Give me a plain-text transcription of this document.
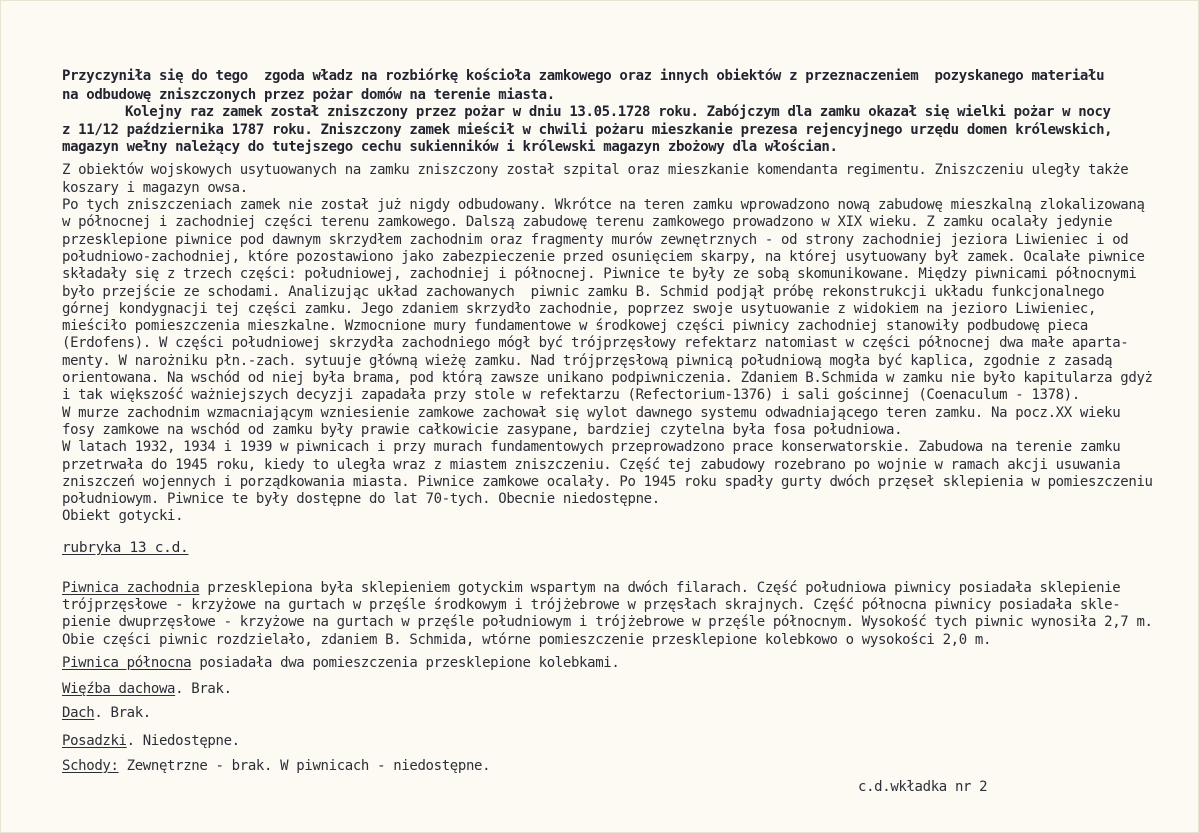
Przyczyniła się do tego  zgoda władz na rozbiórkę kościoła zamkowego oraz innych obiektów z przeznaczeniem  pozyskanego materiału
na odbudowę zniszczonych przez pożar domów na terenie miasta.
Kolejny raz zamek został zniszczony przez pożar w dniu 13.05.1728 roku. Zabójczym dla zamku okazał się wielki pożar w nocy
z 11/12 października 1787 roku. Zniszczony zamek mieścił w chwili pożaru mieszkanie prezesa rejencyjnego urzędu domen królewskich,
magazyn wełny należący do tutejszego cechu sukienników i królewski magazyn zbożowy dla włościan.
Z obiektów wojskowych usytuowanych na zamku zniszczony został szpital oraz mieszkanie komendanta regimentu. Zniszczeniu uległy także
koszary i magazyn owsa.
Po tych zniszczeniach zamek nie został już nigdy odbudowany. Wkrótce na teren zamku wprowadzono nową zabudowę mieszkalną zlokalizowaną
w północnej i zachodniej części terenu zamkowego. Dalszą zabudowę terenu zamkowego prowadzono w XIX wieku. Z zamku ocalały jedynie
przesklepione piwnice pod dawnym skrzydłem zachodnim oraz fragmenty murów zewnętrznych - od strony zachodniej jeziora Liwieniec i od
południowo-zachodniej, które pozostawiono jako zabezpieczenie przed osunięciem skarpy, na której usytuowany był zamek. Ocalałe piwnice
składały się z trzech części: południowej, zachodniej i północnej. Piwnice te były ze sobą skomunikowane. Między piwnicami północnymi
było przejście ze schodami. Analizując układ zachowanych  piwnic zamku B. Schmid podjął próbę rekonstrukcji układu funkcjonalnego
górnej kondygnacji tej części zamku. Jego zdaniem skrzydło zachodnie, poprzez swoje usytuowanie z widokiem na jezioro Liwieniec,
mieściło pomieszczenia mieszkalne. Wzmocnione mury fundamentowe w środkowej części piwnicy zachodniej stanowiły podbudowę pieca
(Erdofens). W części południowej skrzydła zachodniego mógł być trójprzęsłowy refektarz natomiast w części północnej dwa małe aparta-
menty. W narożniku płn.-zach. sytuuje główną wieżę zamku. Nad trójprzęsłową piwnicą południową mogła być kaplica, zgodnie z zasadą
orientowana. Na wschód od niej była brama, pod którą zawsze unikano podpiwniczenia. Zdaniem B.Schmida w zamku nie było kapitularza gdyż
i tak większość ważniejszych decyzji zapadała przy stole w refektarzu (Refectorium-1376) i sali gościnnej (Coenaculum - 1378).
W murze zachodnim wzmacniającym wzniesienie zamkowe zachował się wylot dawnego systemu odwadniającego teren zamku. Na pocz.XX wieku
fosy zamkowe na wschód od zamku były prawie całkowicie zasypane, bardziej czytelna była fosa południowa.
W latach 1932, 1934 i 1939 w piwnicach i przy murach fundamentowych przeprowadzono prace konserwatorskie. Zabudowa na terenie zamku
przetrwała do 1945 roku, kiedy to uległa wraz z miastem zniszczeniu. Część tej zabudowy rozebrano po wojnie w ramach akcji usuwania
zniszczeń wojennych i porządkowania miasta. Piwnice zamkowe ocalały. Po 1945 roku spadły gurty dwóch przęseł sklepienia w pomieszczeniu
południowym. Piwnice te były dostępne do lat 70-tych. Obecnie niedostępne.
Obiekt gotycki.
rubryka 13 c.d.
Piwnica zachodnia przesklepiona była sklepieniem gotyckim wspartym na dwóch filarach. Część południowa piwnicy posiadała sklepienie
trójprzęsłowe - krzyżowe na gurtach w przęśle środkowym i trójżebrowe w przęsłach skrajnych. Część północna piwnicy posiadała skle-
pienie dwuprzęsłowe - krzyżowe na gurtach w przęśle południowym i trójżebrowe w przęśle północnym. Wysokość tych piwnic wynosiła 2,7 m.
Obie części piwnic rozdzielało, zdaniem B. Schmida, wtórne pomieszczenie przesklepione kolebkowo o wysokości 2,0 m.
Piwnica północna posiadała dwa pomieszczenia przesklepione kolebkami.
Więźba dachowa. Brak.
Dach. Brak.
Posadzki. Niedostępne.
Schody: Zewnętrzne - brak. W piwnicach - niedostępne.
c.d.wkładka nr 2
